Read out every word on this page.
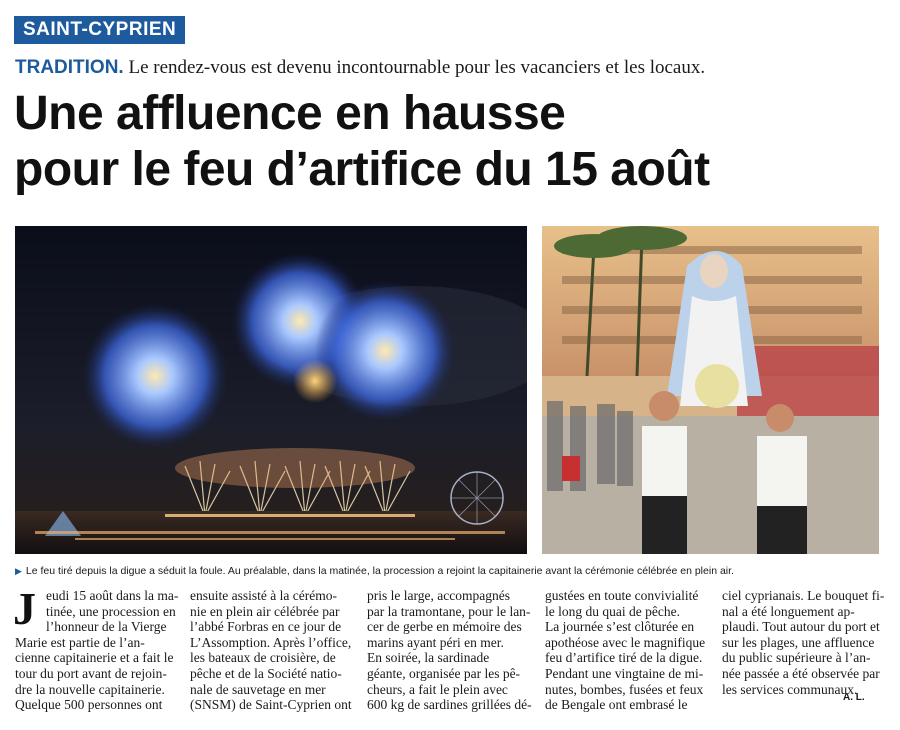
SAINT-CYPRIEN
TRADITION. Le rendez-vous est devenu incontournable pour les vacanciers et les locaux.
Une affluence en hausse
pour le feu d’artifice du 15 août
▶ Le feu tiré depuis la digue a séduit la foule. Au préalable, dans la matinée, la procession a rejoint la capitainerie avant la cérémonie célébrée en plein air.
J eudi 15 août dans la ma-
tinée, une procession en
l’honneur de la Vierge
Marie est partie de l’an-
cienne capitainerie et a fait le
tour du port avant de rejoin-
dre la nouvelle capitainerie.
Quelque 500 personnes ont
ensuite assisté à la cérémo-
nie en plein air célébrée par
l’abbé Forbras en ce jour de
L’Assomption. Après l’office,
les bateaux de croisière, de
pêche et de la Société natio-
nale de sauvetage en mer
(SNSM) de Saint-Cyprien ont
pris le large, accompagnés
par la tramontane, pour le lan-
cer de gerbe en mémoire des
marins ayant péri en mer.
En soirée, la sardinade
géante, organisée par les pê-
cheurs, a fait le plein avec
600 kg de sardines grillées dé-
gustées en toute convivialité
le long du quai de pêche.
La journée s’est clôturée en
apothéose avec le magnifique
feu d’artifice tiré de la digue.
Pendant une vingtaine de mi-
nutes, bombes, fusées et feux
de Bengale ont embrasé le
ciel cyprianais. Le bouquet fi-
nal a été longuement ap-
plaudi. Tout autour du port et
sur les plages, une affluence
du public supérieure à l’an-
née passée a été observée par
les services communaux.
A. L.
